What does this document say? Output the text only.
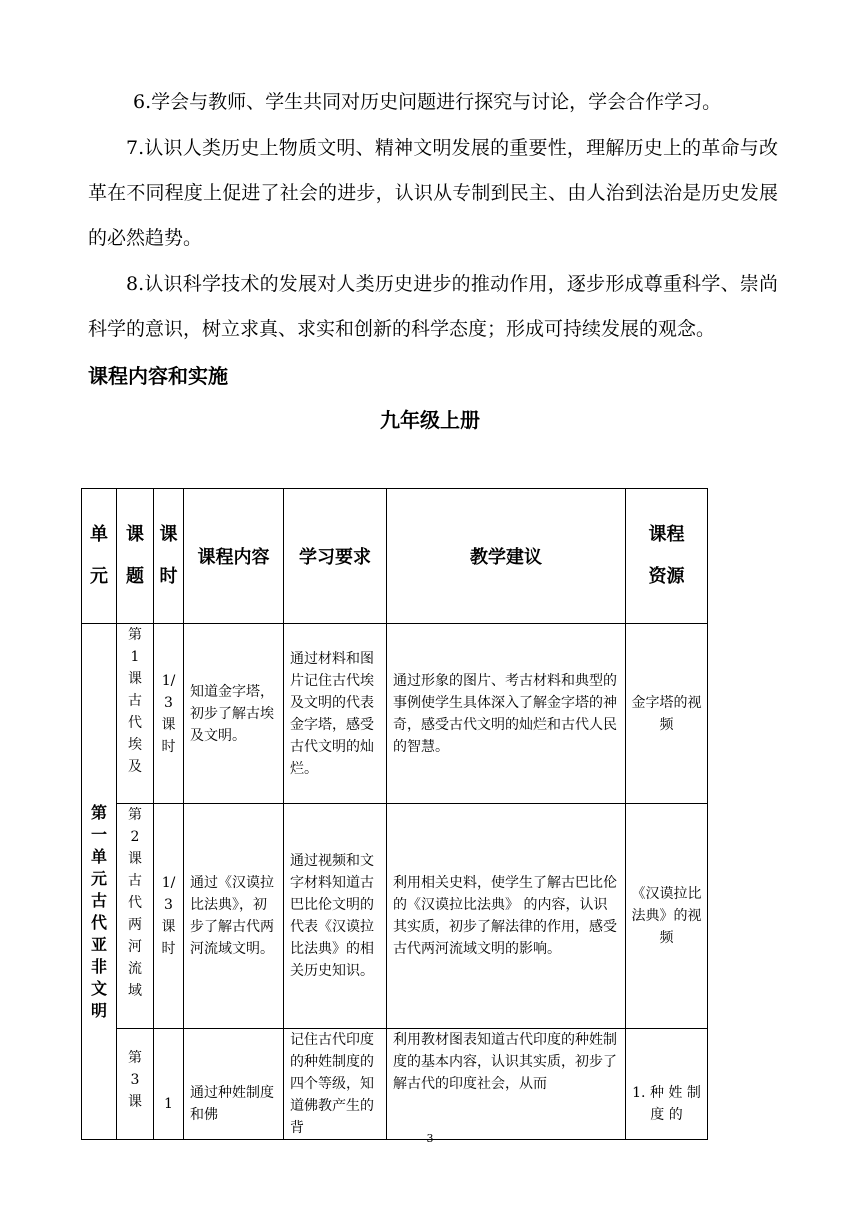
6.学会与教师、学生共同对历史问题进行探究与讨论，学会合作学习。

7.认识人类历史上物质文明、精神文明发展的重要性，理解历史上的革命与改革在不同程度上促进了社会的进步，认识从专制到民主、由人治到法治是历史发展的必然趋势。

8.认识科学技术的发展对人类历史进步的推动作用，逐步形成尊重科学、崇尚科学的意识，树立求真、求实和创新的科学态度；形成可持续发展的观念。

课程内容和实施
九年级上册
单元	课题	课时	课程内容	学习要求	教学建议	课程资源

第一单元古代亚非文明	第1课古代埃及	1/3课时	知道金字塔，初步了解古埃及文明。	通过材料和图片记住古代埃及文明的代表金字塔，感受古代文明的灿烂。	通过形象的图片、考古材料和典型的事例使学生具体深入了解金字塔的神奇，感受古代文明的灿烂和古代人民的智慧。	金字塔的视频

	第2课古代两河流域	1/3课时	通过《汉谟拉比法典》，初步了解古代两河流域文明。	通过视频和文字材料知道古巴比伦文明的代表《汉谟拉比法典》的相关历史知识。	利用相关史料，使学生了解古巴比伦的《汉谟拉比法典》 的内容，认识其实质，初步了解法律的作用，感受古代两河流域文明的影响。	《汉谟拉比法典》的视频

	第3课	1	通过种姓制度和佛	记住古代印度的种姓制度的四个等级，知道佛教产生的背	利用教材图表知道古代印度的种姓制度的基本内容，认识其实质，初步了解古代的印度社会，从而	1. 种 姓 制 度 的
3
